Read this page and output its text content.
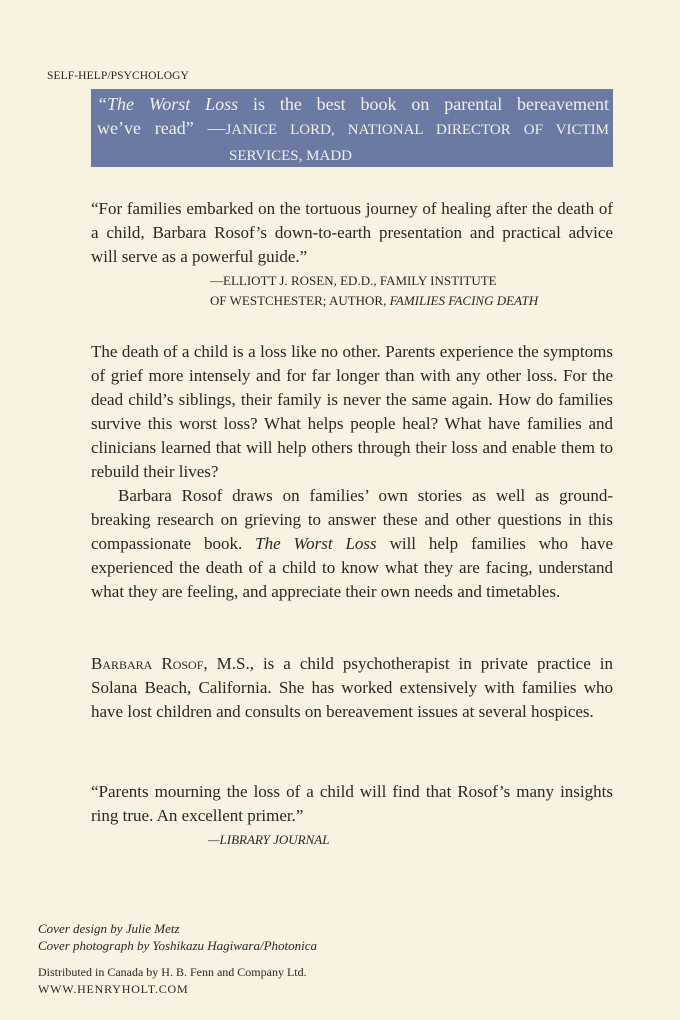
SELF-HELP/PSYCHOLOGY
“The Worst Loss is the best book on parental bereavement
we’ve read” —JANICE LORD, NATIONAL DIRECTOR OF VICTIM
SERVICES, MADD
“For families embarked on the tortuous journey of healing after the death of a child, Barbara Rosof’s down-to-earth presentation and practical advice will serve as a powerful guide.”
—ELLIOTT J. ROSEN, ED.D., FAMILY INSTITUTE
OF WESTCHESTER; AUTHOR, FAMILIES FACING DEATH
The death of a child is a loss like no other. Parents experience the symptoms of grief more intensely and for far longer than with any other loss. For the dead child’s siblings, their family is never the same again. How do families survive this worst loss? What helps people heal? What have families and clinicians learned that will help others through their loss and enable them to rebuild their lives?
Barbara Rosof draws on families’ own stories as well as ground-breaking research on grieving to answer these and other questions in this compassionate book. The Worst Loss will help families who have experienced the death of a child to know what they are facing, understand what they are feeling, and appreciate their own needs and timetables.
Barbara Rosof, M.S., is a child psychotherapist in private practice in Solana Beach, California. She has worked extensively with families who have lost children and consults on bereavement issues at several hospices.
“Parents mourning the loss of a child will find that Rosof’s many insights ring true. An excellent primer.”
—LIBRARY JOURNAL
Cover design by Julie Metz
Cover photograph by Yoshikazu Hagiwara/Photonica
Distributed in Canada by H. B. Fenn and Company Ltd.
WWW.HENRYHOLT.COM
